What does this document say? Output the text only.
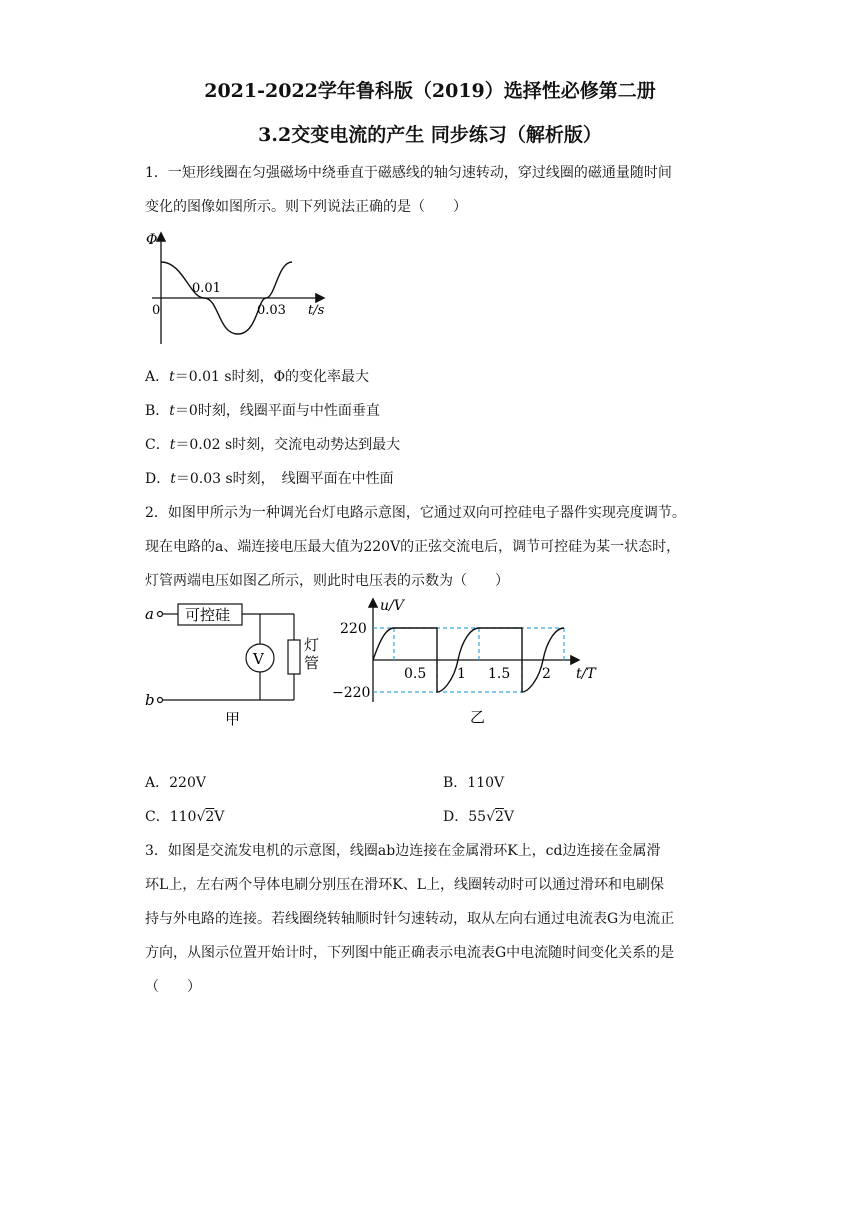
2021-2022学年鲁科版（2019）选择性必修第二册
3.2交变电流的产生 同步练习（解析版）
1．一矩形线圈在匀强磁场中绕垂直于磁感线的轴匀速转动，穿过线圈的磁通量随时间
变化的图像如图所示。则下列说法正确的是（　　）
Φ
0.01
0	0.03 t/s
A．t＝0.01 s时刻，Φ的变化率最大
B．t＝0时刻，线圈平面与中性面垂直
C．t＝0.02 s时刻，交流电动势达到最大
D．t＝0.03 s时刻，　线圈平面在中性面
2．如图甲所示为一种调光台灯电路示意图，它通过双向可控硅电子器件实现亮度调节。
现在电路的a、端连接电压最大值为220V的正弦交流电后，调节可控硅为某一状态时，
灯管两端电压如图乙所示，则此时电压表的示数为（　　）
a 可控硅
V
灯
管
b
甲
u/V
220
−220
0.5 1 1.5 2 t/T
乙
A．220V	B．110V
C．110√2V	D．55√2V
3．如图是交流发电机的示意图，线圈ab边连接在金属滑环K上，cd边连接在金属滑
环L上，左右两个导体电刷分别压在滑环K、L上，线圈转动时可以通过滑环和电刷保
持与外电路的连接。若线圈绕转轴顺时针匀速转动，取从左向右通过电流表G为电流正
方向，从图示位置开始计时，下列图中能正确表示电流表G中电流随时间变化关系的是
（　　）
